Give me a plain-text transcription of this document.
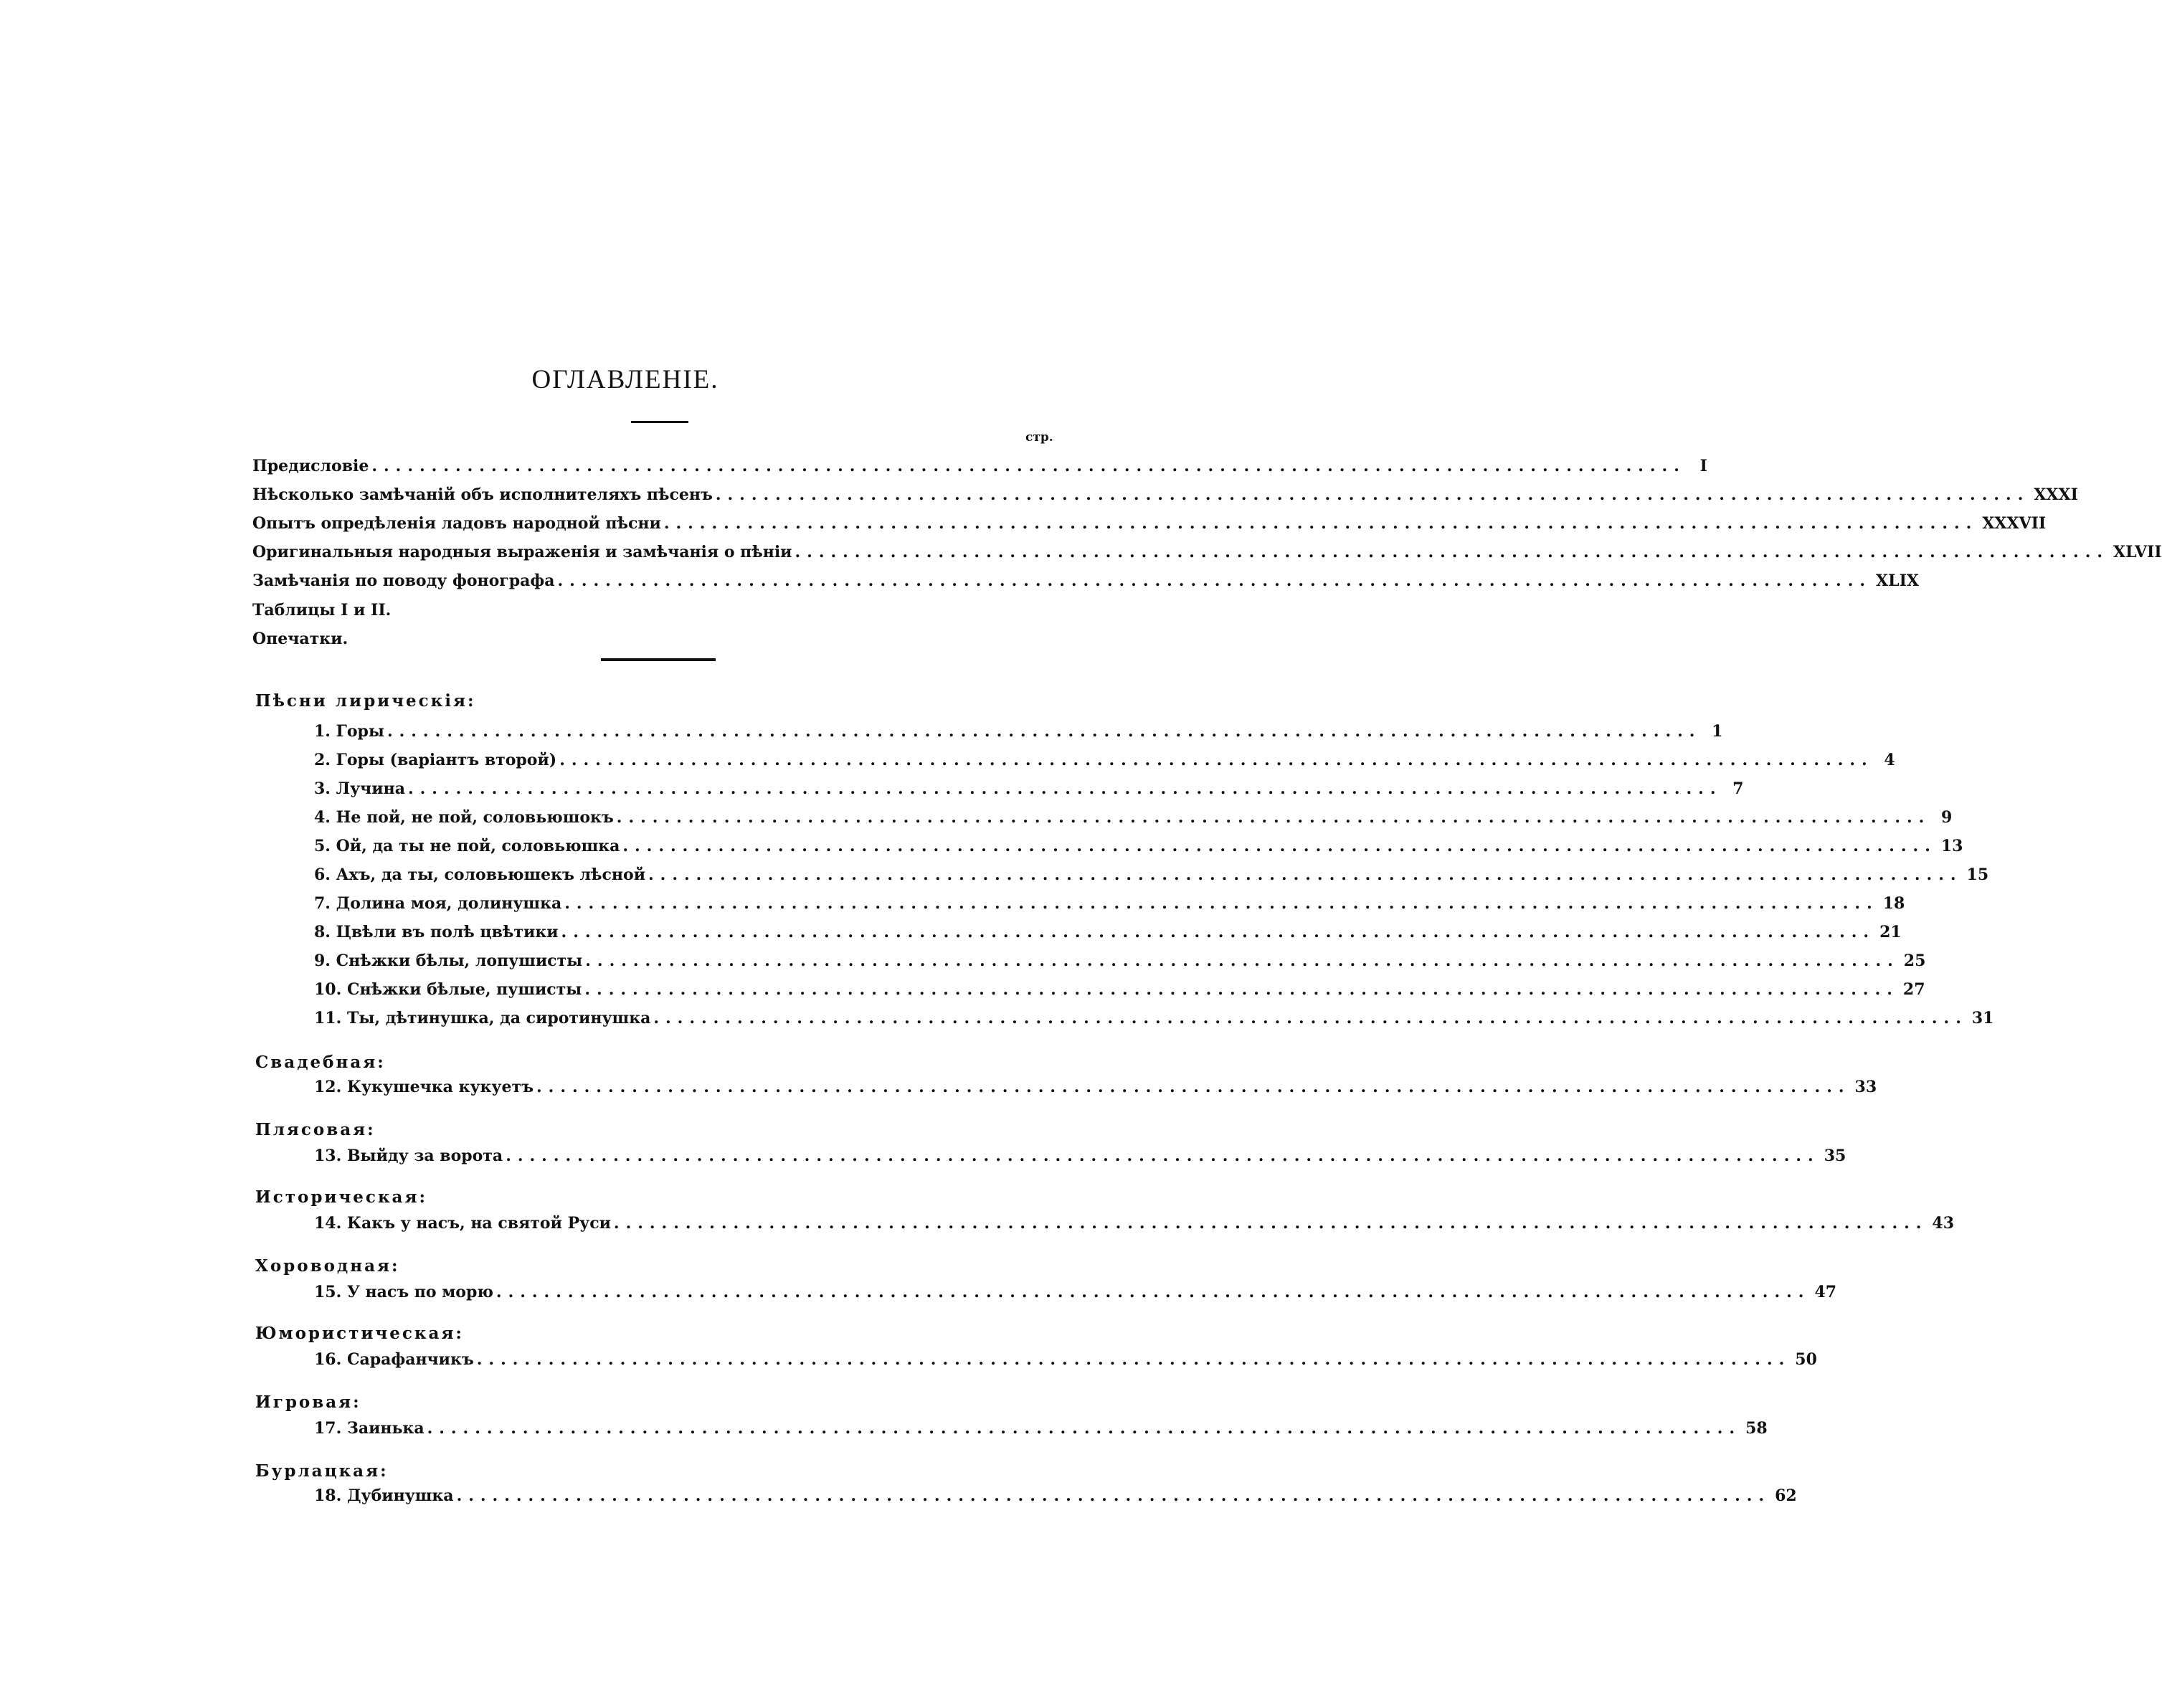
ОГЛАВЛЕНІЕ.
стр.
Предисловіе .............................................................................................................. I
Нѣсколько замѣчаній объ исполнителяхъ пѣсенъ .............................................................................................................. XXXI
Опытъ опредѣленія ладовъ народной пѣсни .............................................................................................................. XXXVII
Оригинальныя народныя выраженія и замѣчанія о пѣніи .............................................................................................................. XLVII
Замѣчанія по поводу фонографа .............................................................................................................. XLIX
Таблицы I и II.
Опечатки.
Пѣсни лирическія:
1. Горы .............................................................................................................. 1
2. Горы (варіантъ второй) .............................................................................................................. 4
3. Лучина .............................................................................................................. 7
4. Не пой, не пой, соловьюшокъ .............................................................................................................. 9
5. Ой, да ты не пой, соловьюшка .............................................................................................................. 13
6. Ахъ, да ты, соловьюшекъ лѣсной .............................................................................................................. 15
7. Долина моя, долинушка .............................................................................................................. 18
8. Цвѣли въ полѣ цвѣтики .............................................................................................................. 21
9. Снѣжки бѣлы, лопушисты .............................................................................................................. 25
10. Снѣжки бѣлые, пушисты .............................................................................................................. 27
11. Ты, дѣтинушка, да сиротинушка .............................................................................................................. 31
Свадебная:
12. Кукушечка кукуетъ .............................................................................................................. 33
Плясовая:
13. Выйду за ворота .............................................................................................................. 35
Историческая:
14. Какъ у насъ, на святой Руси .............................................................................................................. 43
Хороводная:
15. У насъ по морю .............................................................................................................. 47
Юмористическая:
16. Сарафанчикъ .............................................................................................................. 50
Игровая:
17. Заинька .............................................................................................................. 58
Бурлацкая:
18. Дубинушка .............................................................................................................. 62
